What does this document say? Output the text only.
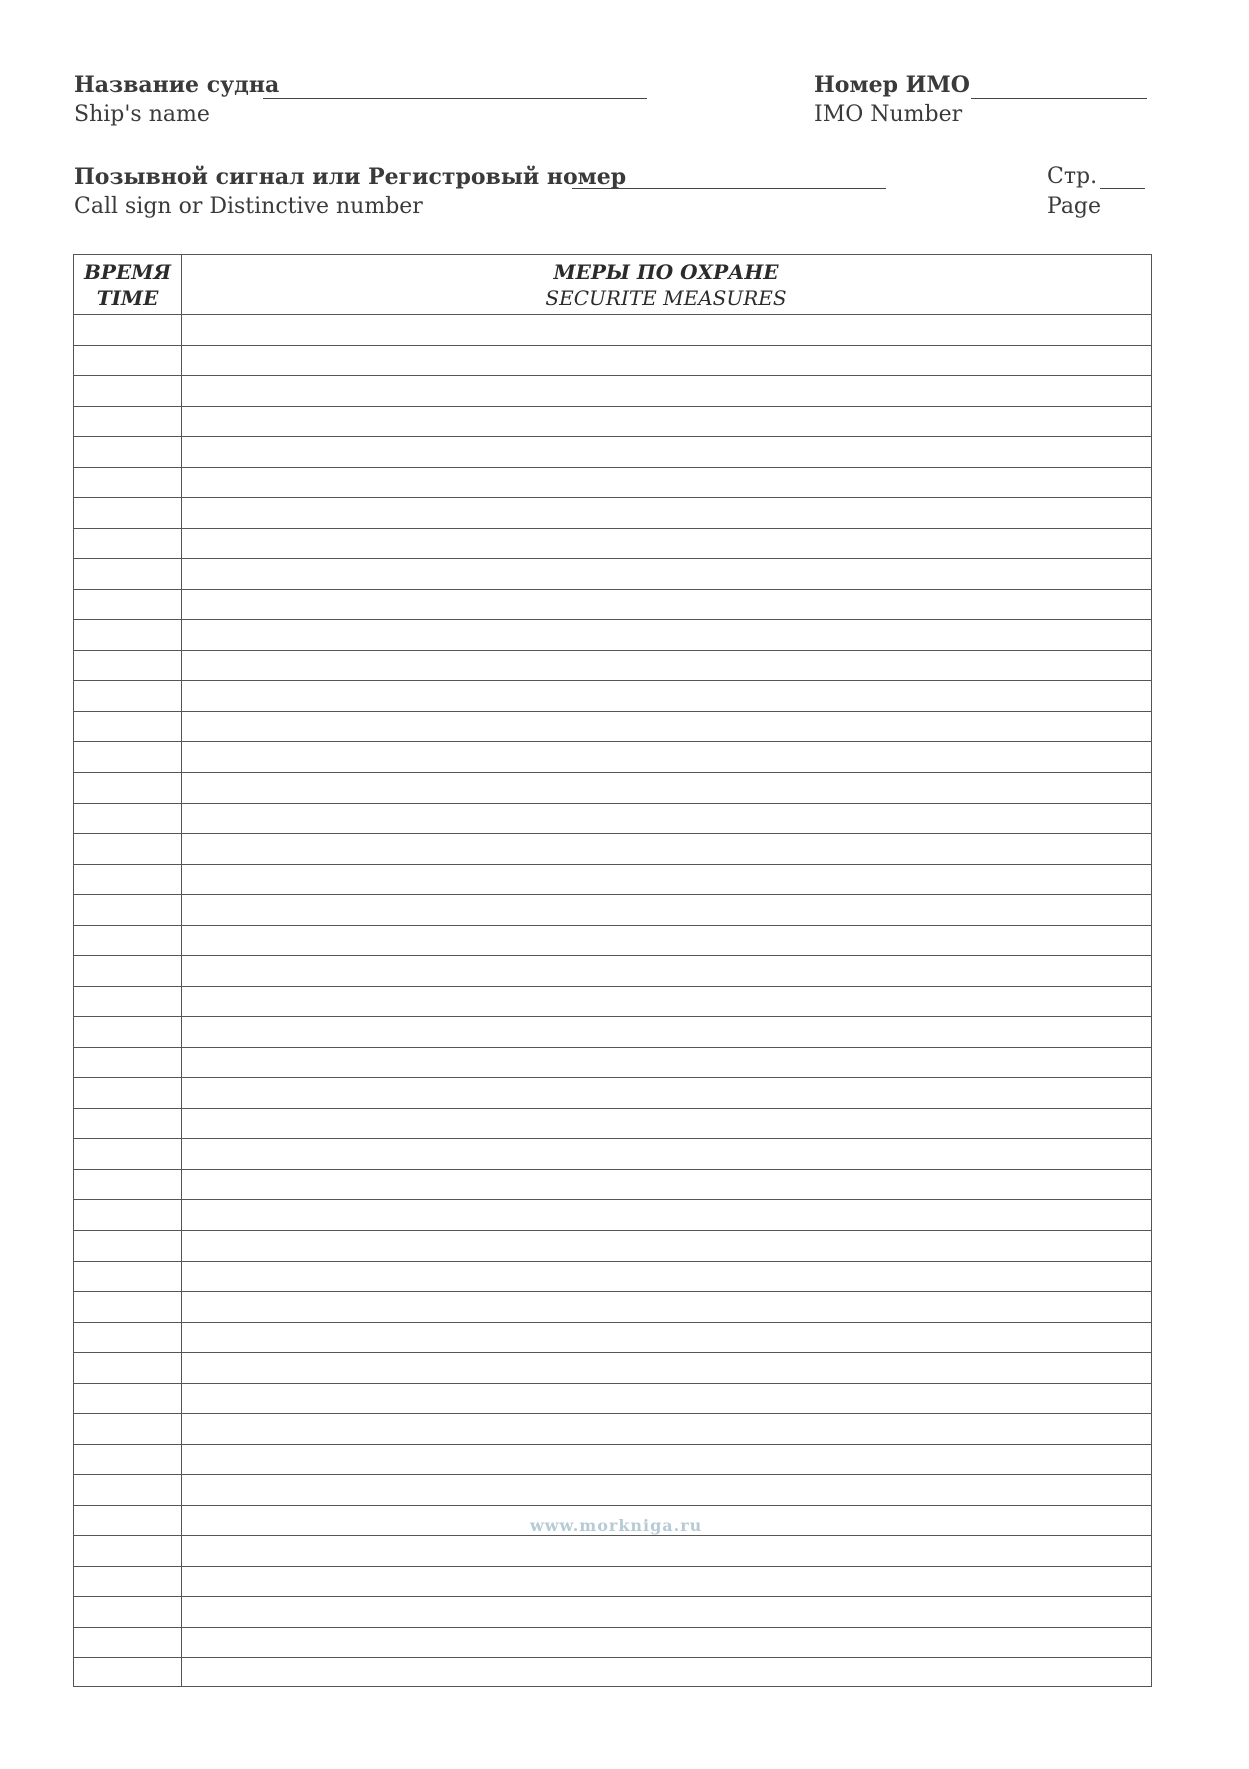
Название судна
Ship's name
Номер ИМО
IMO Number
Позывной сигнал или Регистровый номер
Call sign or Distinctive number
Стр.
Page
ВРЕМЯ
TIME
МЕРЫ ПО ОХРАНЕ
SECURITE MEASURES
www.morkniga.ru
